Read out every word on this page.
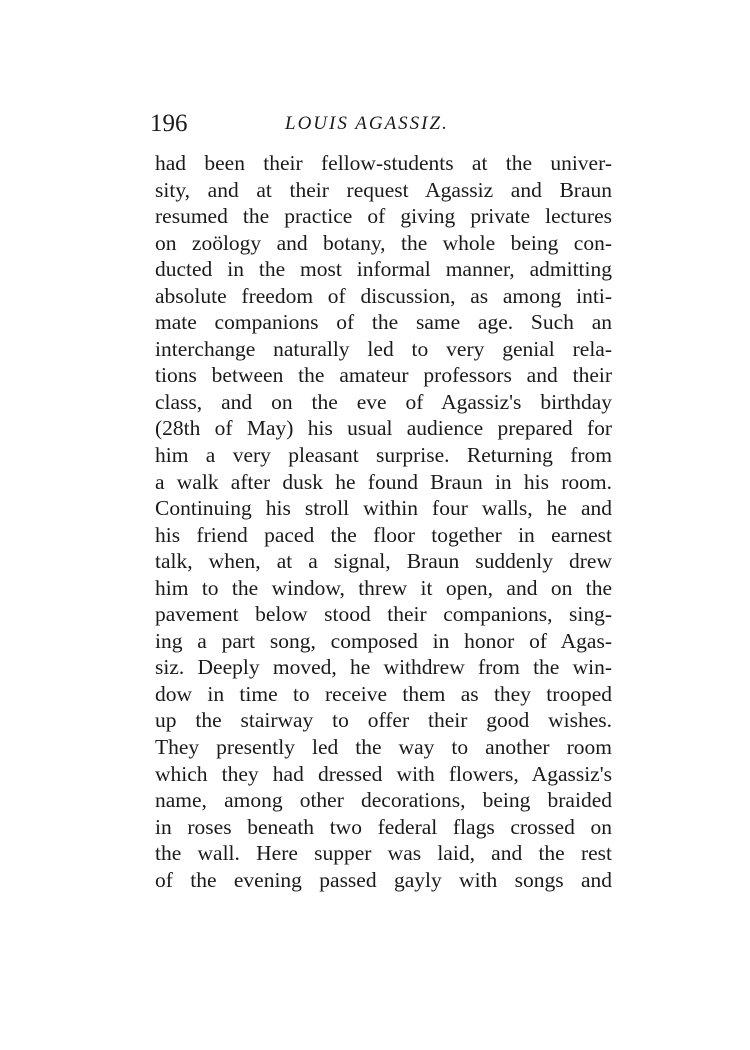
196	LOUIS AGASSIZ.
had been their fellow-students at the univer-
sity, and at their request Agassiz and Braun
resumed the practice of giving private lectures
on zoölogy and botany, the whole being con-
ducted in the most informal manner, admitting
absolute freedom of discussion, as among inti-
mate companions of the same age. Such an
interchange naturally led to very genial rela-
tions between the amateur professors and their
class, and on the eve of Agassiz's birthday
(28th of May) his usual audience prepared for
him a very pleasant surprise. Returning from
a walk after dusk he found Braun in his room.
Continuing his stroll within four walls, he and
his friend paced the floor together in earnest
talk, when, at a signal, Braun suddenly drew
him to the window, threw it open, and on the
pavement below stood their companions, sing-
ing a part song, composed in honor of Agas-
siz. Deeply moved, he withdrew from the win-
dow in time to receive them as they trooped
up the stairway to offer their good wishes.
They presently led the way to another room
which they had dressed with flowers, Agassiz's
name, among other decorations, being braided
in roses beneath two federal flags crossed on
the wall. Here supper was laid, and the rest
of the evening passed gayly with songs and
